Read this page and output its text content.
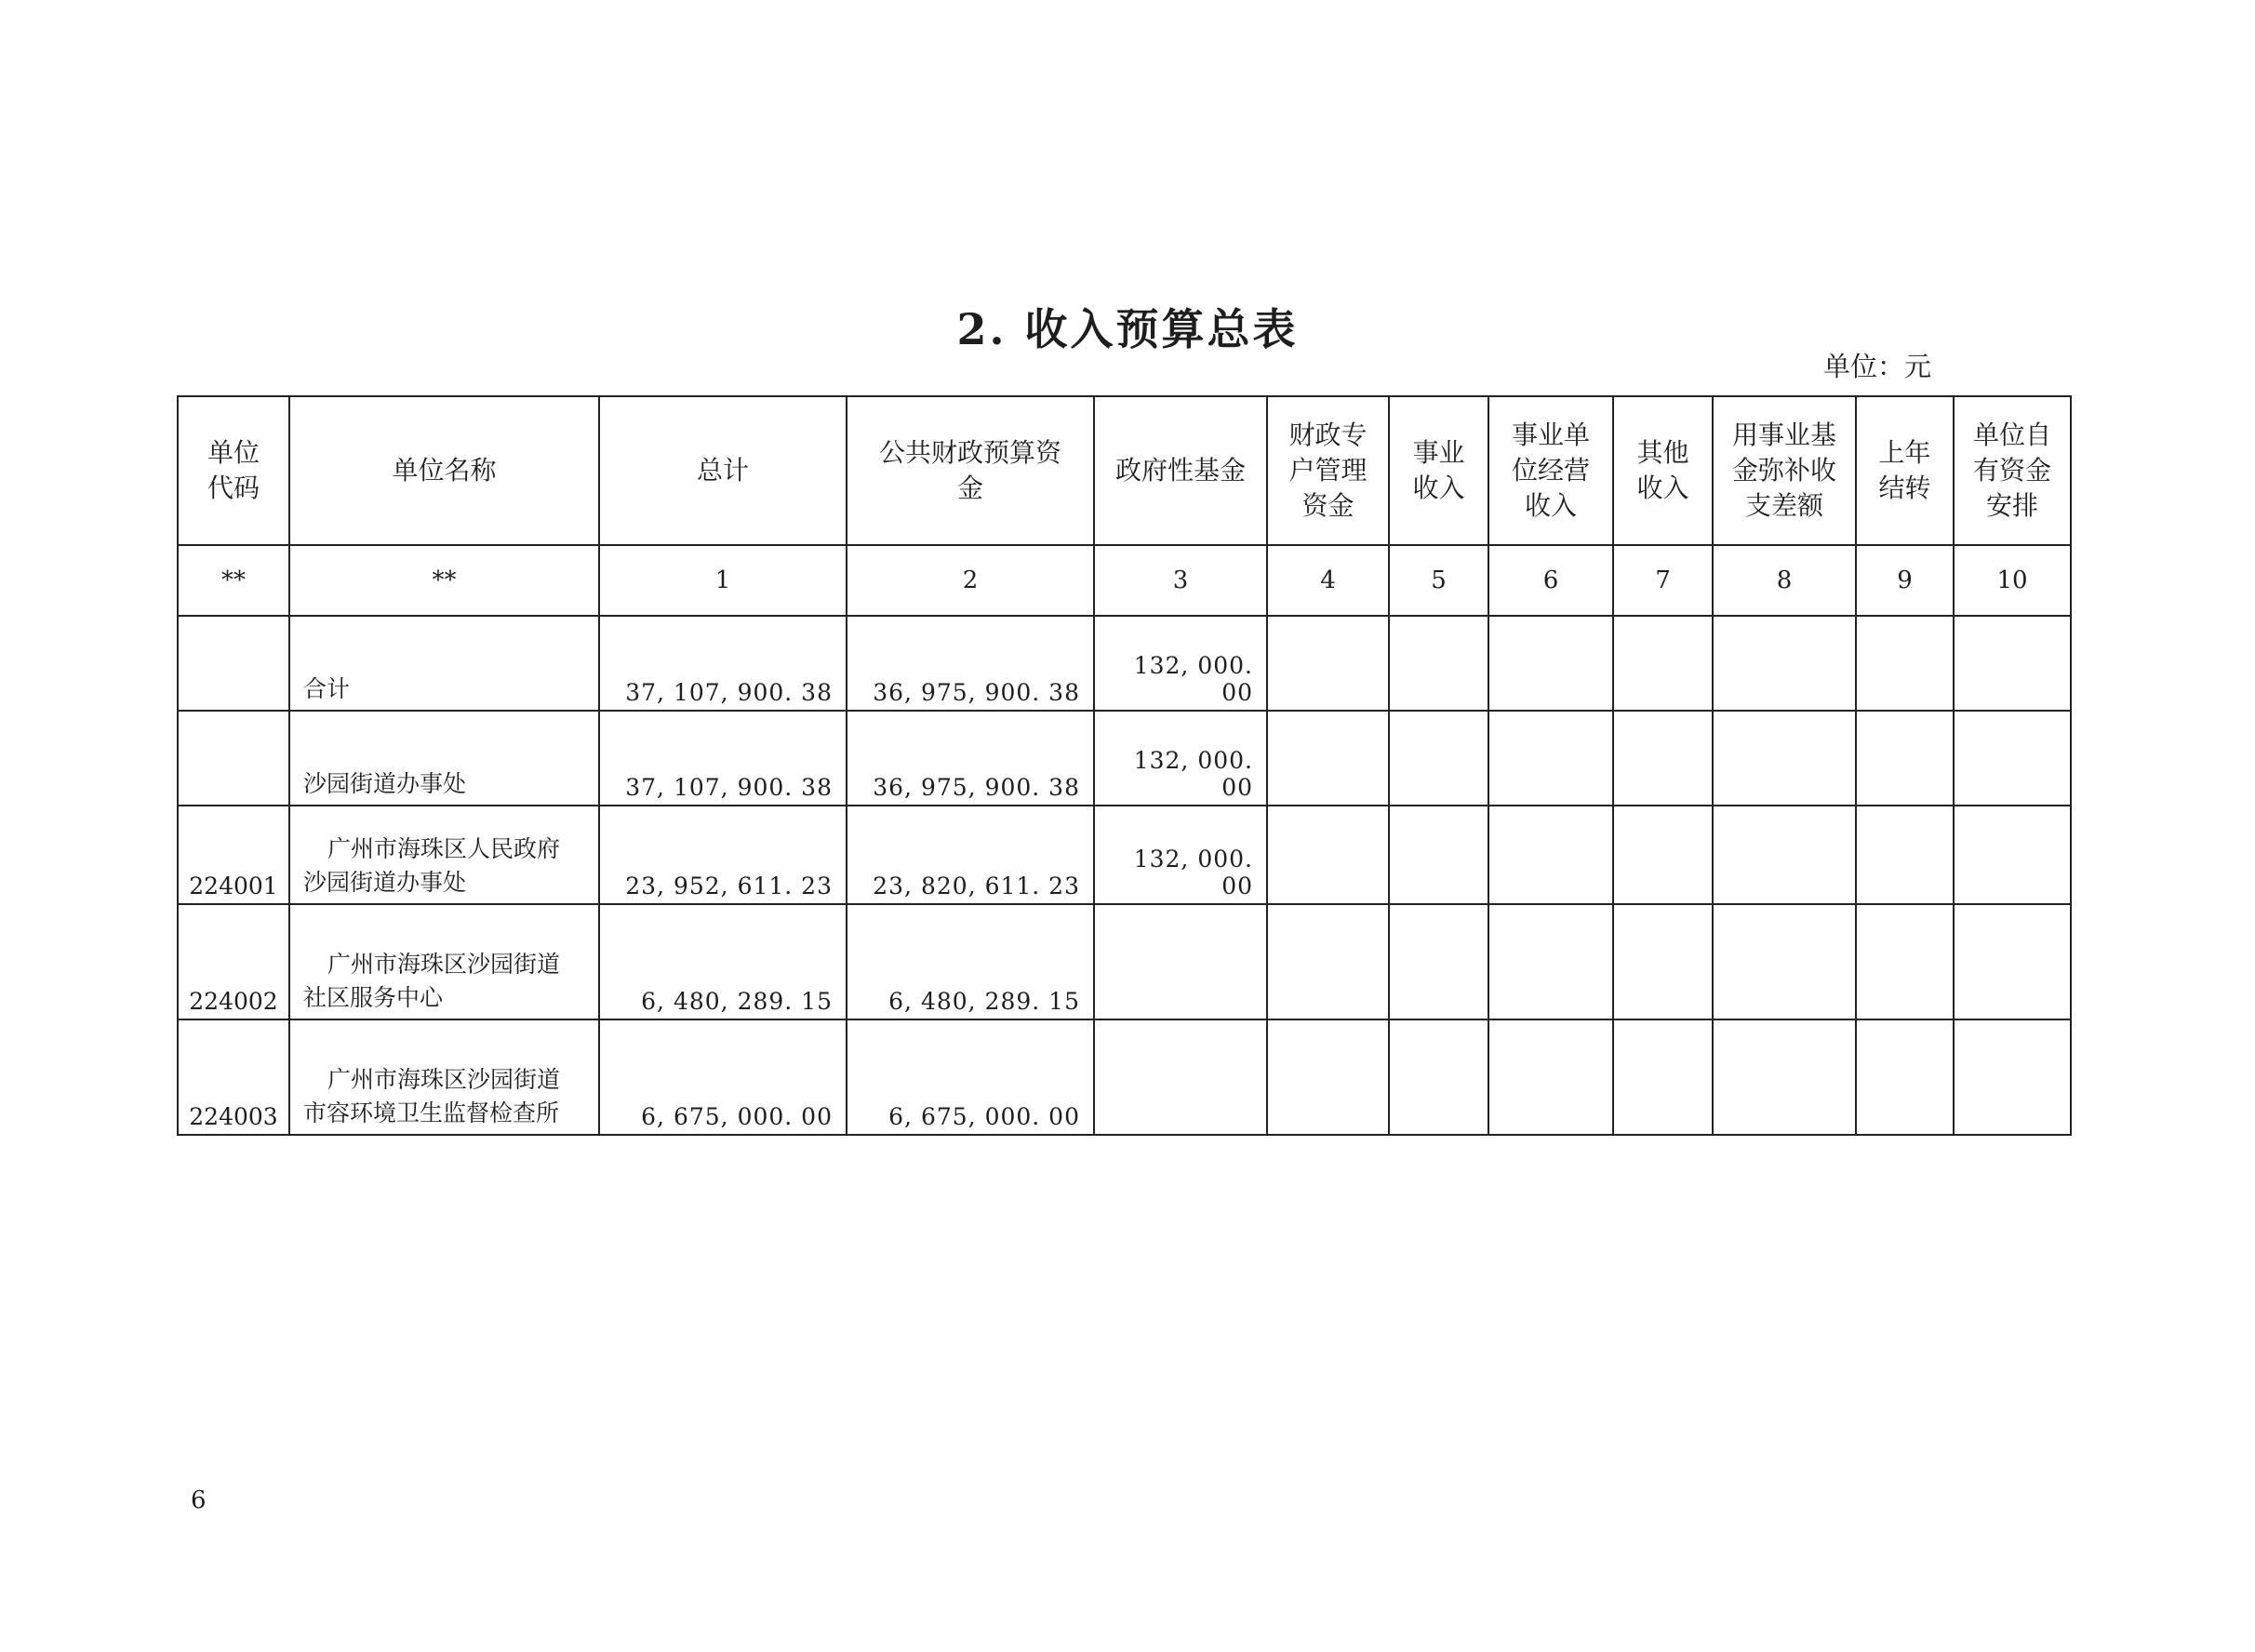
2. 收入预算总表
单位：元
单位代码	单位名称	总计	公共财政预算资金	政府性基金	财政专户管理资金	事业收入	事业单位经营收入	其他收入	用事业基金弥补收支差额	上年结转	单位自有资金安排
**	**	1	2	3	4	5	6	7	8	9	10

	合计	37, 107, 900. 38	36, 975, 900. 38	132, 000. 00							

	沙园街道办事处	37, 107, 900. 38	36, 975, 900. 38	132, 000. 00							
224001	广州市海珠区人民政府
沙园街道办事处	23, 952, 611. 23	23, 820, 611. 23	132, 000. 00							
224002	广州市海珠区沙园街道
社区服务中心	6, 480, 289. 15	6, 480, 289. 15								
224003	广州市海珠区沙园街道
市容环境卫生监督检查所	6, 675, 000. 00	6, 675, 000. 00								
6
